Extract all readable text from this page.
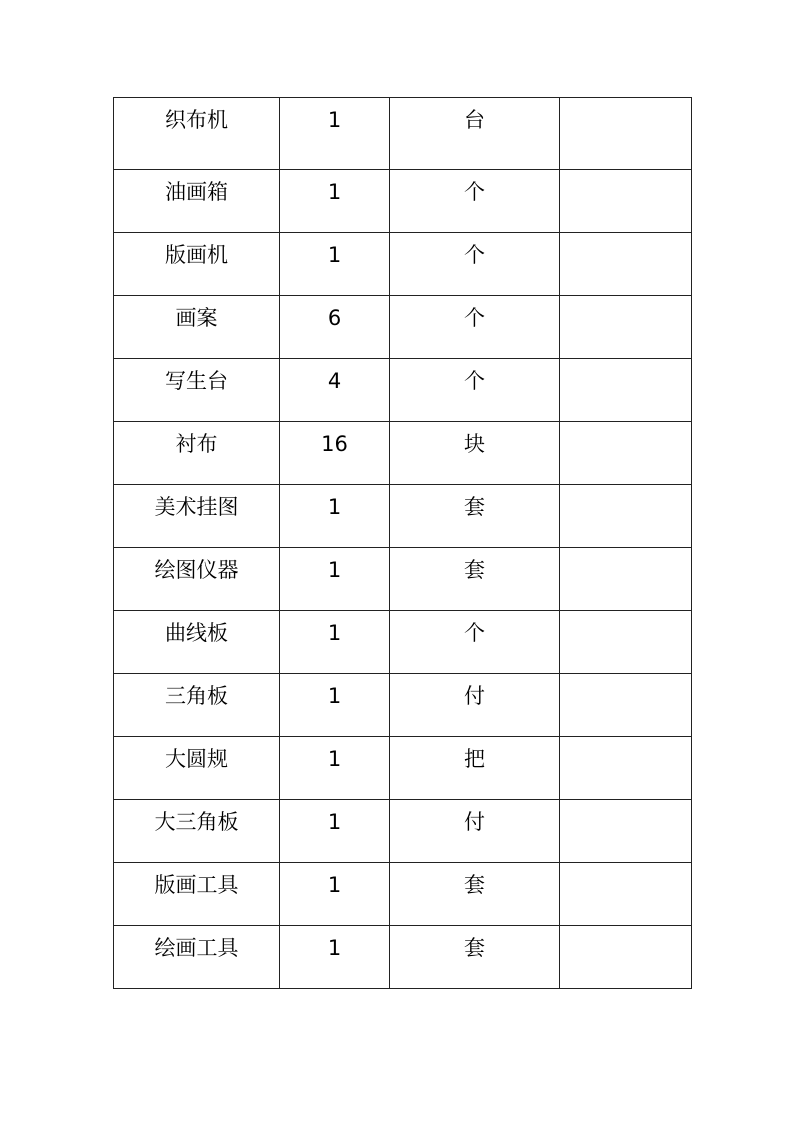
织布机	1	台	

油画箱	1	个	

版画机	1	个	

画案	6	个	

写生台	4	个	

衬布	16	块	

美术挂图	1	套	

绘图仪器	1	套	

曲线板	1	个	

三角板	1	付	

大圆规	1	把	

大三角板	1	付	

版画工具	1	套	

绘画工具	1	套	
